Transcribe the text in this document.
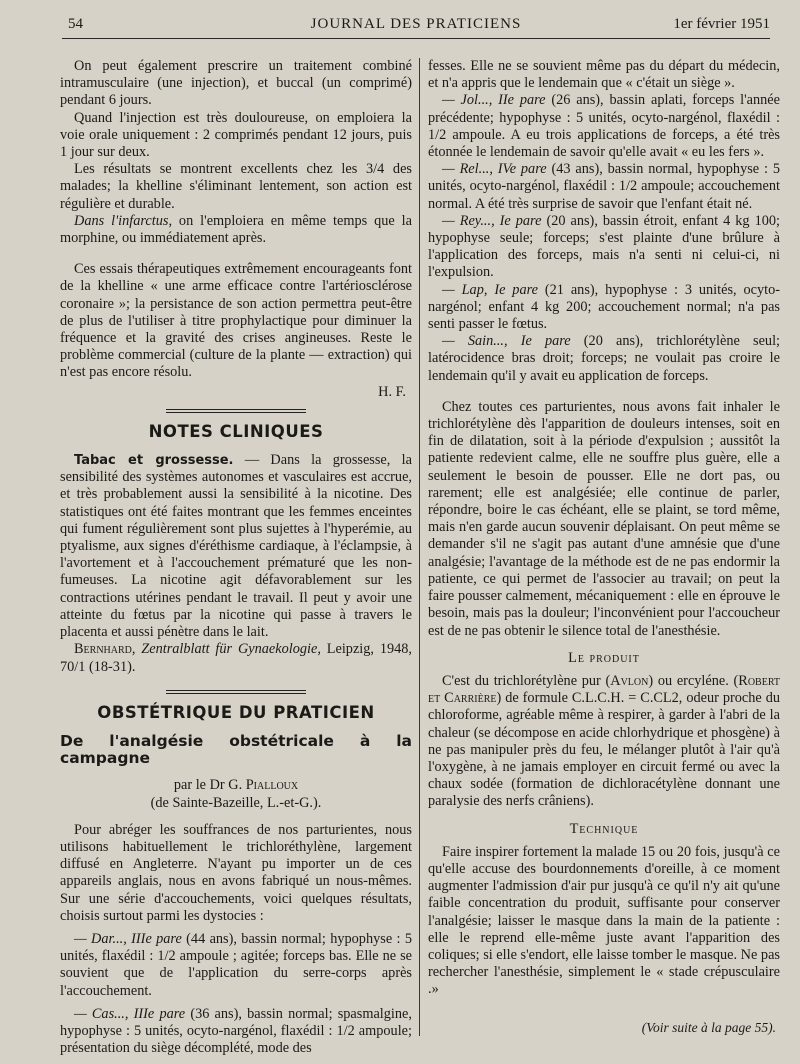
54	JOURNAL DES PRATICIENS	1er février 1951

On peut également prescrire un traitement combiné intramusculaire (une injection), et buccal (un comprimé) pendant 6 jours.

Quand l'injection est très douloureuse, on emploiera la voie orale uniquement : 2 comprimés pendant 12 jours, puis 1 jour sur deux.

Les résultats se montrent excellents chez les 3/4 des malades; la khelline s'éliminant lentement, son action est régulière et durable.

Dans l'infarctus, on l'emploiera en même temps que la morphine, ou immédiatement après.

Ces essais thérapeutiques extrêmement encourageants font de la khelline « une arme efficace contre l'artériosclérose coronaire »; la persistance de son action permettra peut-être de plus de l'utiliser à titre prophylactique pour diminuer la fréquence et la gravité des crises angineuses. Reste le problème commercial (culture de la plante — extraction) qui n'est pas encore résolu.

H. F.
NOTES CLINIQUES

Tabac et grossesse. — Dans la grossesse, la sensibilité des systèmes autonomes et vasculaires est accrue, et très probablement aussi la sensibilité à la nicotine. Des statistiques ont été faites montrant que les femmes enceintes qui fument régulièrement sont plus sujettes à l'hyperémie, au ptyalisme, aux signes d'éréthisme cardiaque, à l'éclampsie, à l'avortement et à l'accouchement prématuré que les non-fumeuses. La nicotine agit défavorablement sur les contractions utérines pendant le travail. Il peut y avoir une atteinte du fœtus par la nicotine qui passe à travers le placenta et aussi pénètre dans le lait.

Bernhard, Zentralblatt für Gynaekologie, Leipzig, 1948, 70/1 (18-31).

OBSTÉTRIQUE DU PRATICIEN
De l'analgésie obstétricale à la campagne

par le Dr G. Pialloux

(de Sainte-Bazeille, L.-et-G.).

Pour abréger les souffrances de nos parturientes, nous utilisons habituellement le trichloréthylène, largement diffusé en Angleterre. N'ayant pu importer un de ces appareils anglais, nous en avons fabriqué un nous-mêmes. Sur une série d'accouchements, voici quelques résultats, choisis surtout parmi les dystocies :

— Dar..., IIIe pare (44 ans), bassin normal; hypophyse : 5 unités, flaxédil : 1/2 ampoule ; agitée; forceps bas. Elle ne se souvient que de l'application du serre-corps après l'accouchement.

— Cas..., IIIe pare (36 ans), bassin normal; spasmalgine, hypophyse : 5 unités, ocyto-nargénol, flaxédil : 1/2 ampoule; présentation du siège décomplété, mode des

fesses. Elle ne se souvient même pas du départ du médecin, et n'a appris que le lendemain que « c'était un siège ».

— Jol..., IIe pare (26 ans), bassin aplati, forceps l'année précédente; hypophyse : 5 unités, ocyto-nargénol, flaxédil : 1/2 ampoule. A eu trois applications de forceps, a été très étonnée le lendemain de savoir qu'elle avait « eu les fers ».

— Rel..., IVe pare (43 ans), bassin normal, hypophyse : 5 unités, ocyto-nargénol, flaxédil : 1/2 ampoule; accouchement normal. A été très surprise de savoir que l'enfant était né.

— Rey..., Ie pare (20 ans), bassin étroit, enfant 4 kg 100; hypophyse seule; forceps; s'est plainte d'une brûlure à l'application des forceps, mais n'a senti ni celui-ci, ni l'expulsion.

— Lap, Ie pare (21 ans), hypophyse : 3 unités, ocyto-nargénol; enfant 4 kg 200; accouchement normal; n'a pas senti passer le fœtus.

— Sain..., Ie pare (20 ans), trichlorétylène seul; latérocidence bras droit; forceps; ne voulait pas croire le lendemain qu'il y avait eu application de forceps.

Chez toutes ces parturientes, nous avons fait inhaler le trichlorétylène dès l'apparition de douleurs intenses, soit en fin de dilatation, soit à la période d'expulsion ; aussitôt la patiente redevient calme, elle ne souffre plus guère, elle a seulement le besoin de pousser. Elle ne dort pas, ou rarement; elle est analgésiée; elle continue de parler, répondre, boire le cas échéant, elle se plaint, se tord même, mais n'en garde aucun souvenir déplaisant. On peut même se demander s'il ne s'agit pas autant d'une amnésie que d'une analgésie; l'avantage de la méthode est de ne pas endormir la patiente, ce qui permet de l'associer au travail; on peut la faire pousser calmement, mécaniquement : elle en éprouve le besoin, mais pas la douleur; l'inconvénient pour l'accoucheur est de ne pas obtenir le silence total de l'anesthésie.

Le produit

C'est du trichlorétylène pur (Avlon) ou ercyléne. (Robert et Carrière) de formule C.L.C.H. = C.CL2, odeur proche du chloroforme, agréable même à respirer, à garder à l'abri de la chaleur (se décompose en acide chlorhydrique et phosgène) à ne pas manipuler près du feu, le mélanger plutôt à l'air qu'à l'oxygène, à ne jamais employer en circuit fermé ou avec la chaux sodée (formation de dichloracétylène donnant une paralysie des nerfs crâniens).

Technique

Faire inspirer fortement la malade 15 ou 20 fois, jusqu'à ce qu'elle accuse des bourdonnements d'oreille, à ce moment augmenter l'admission d'air pur jusqu'à ce qu'il n'y ait qu'une faible concentration du produit, suffisante pour conserver l'analgésie; laisser le masque dans la main de la patiente : elle le reprend elle-même juste avant l'apparition des coliques; si elle s'endort, elle laisse tomber le masque. Ne pas rechercher l'anesthésie, simplement le « stade crépusculaire .»

(Voir suite à la page 55).
